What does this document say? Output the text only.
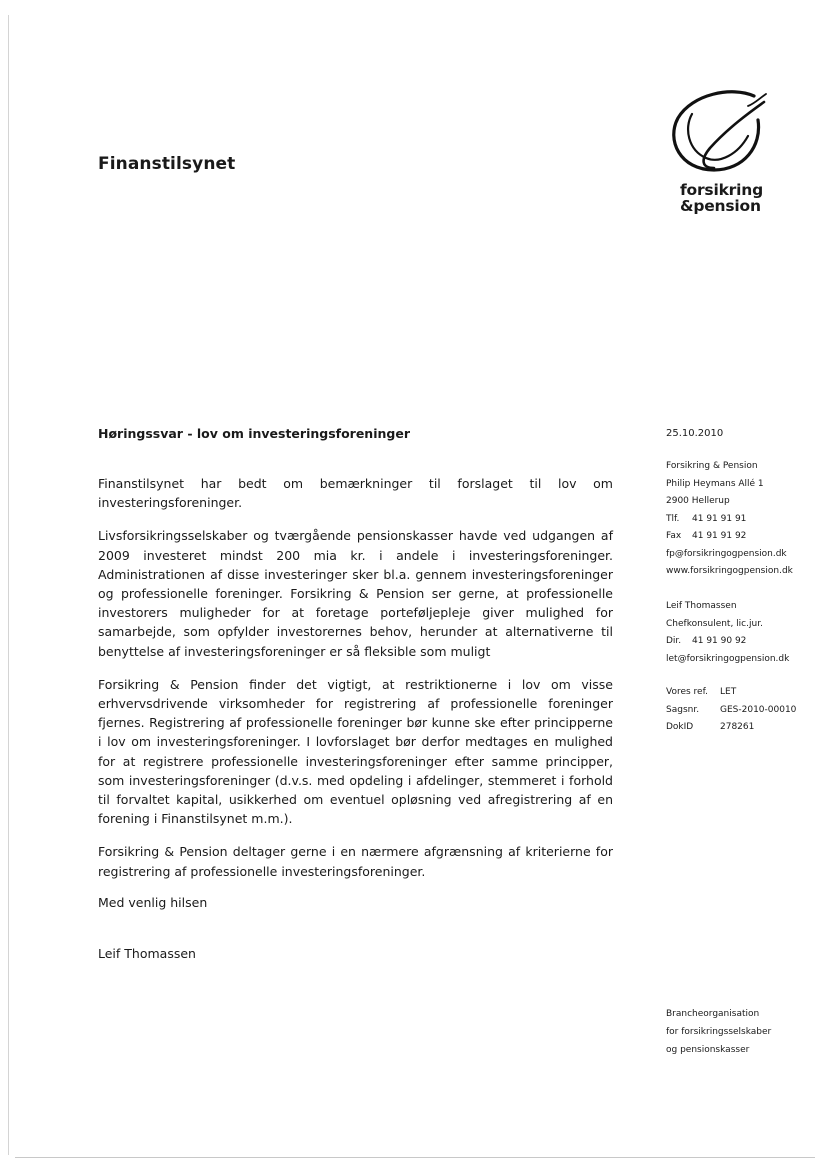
Finanstilsynet
forsikring
&pension
Høringssvar - lov om investeringsforeninger	25.10.2010

Finanstilsynet har bedt om bemærkninger til forslaget til lov om investeringsforeninger.

Livsforsikringsselskaber og tværgående pensionskasser havde ved udgangen af 2009 investeret mindst 200 mia kr. i andele i investeringsforeninger. Administrationen af disse investeringer sker bl.a. gennem investeringsforeninger og professionelle foreninger. Forsikring & Pension ser gerne, at professionelle investorers muligheder for at foretage porteføljepleje giver mulighed for samarbejde, som opfylder investorernes behov, herunder at alternativerne til benyttelse af investeringsforeninger er så fleksible som muligt

Forsikring & Pension finder det vigtigt, at restriktionerne i lov om visse erhvervsdrivende virksomheder for registrering af professionelle foreninger fjernes. Registrering af professionelle foreninger bør kunne ske efter principperne i lov om investeringsforeninger. I lovforslaget bør derfor medtages en mulighed for at registrere professionelle investeringsforeninger efter samme principper, som investeringsforeninger (d.v.s. med opdeling i afdelinger, stemmeret i forhold til forvaltet kapital, usikkerhed om eventuel opløsning ved afregistrering af en forening i Finanstilsynet m.m.).

Forsikring & Pension deltager gerne i en nærmere afgrænsning af kriterierne for registrering af professionelle investeringsforeninger.

Med venlig hilsen
Leif Thomassen
Forsikring & Pension
Philip Heymans Allé 1
2900 Hellerup
Tlf. 41 91 91 91
Fax 41 91 91 92
fp@forsikringogpension.dk
www.forsikringogpension.dk
Leif Thomassen
Chefkonsulent, lic.jur.
Dir. 41 91 90 92
let@forsikringogpension.dk
Vores ref. LET
Sagsnr. GES-2010-00010
DokID	278261
Brancheorganisation
for forsikringsselskaber
og pensionskasser
